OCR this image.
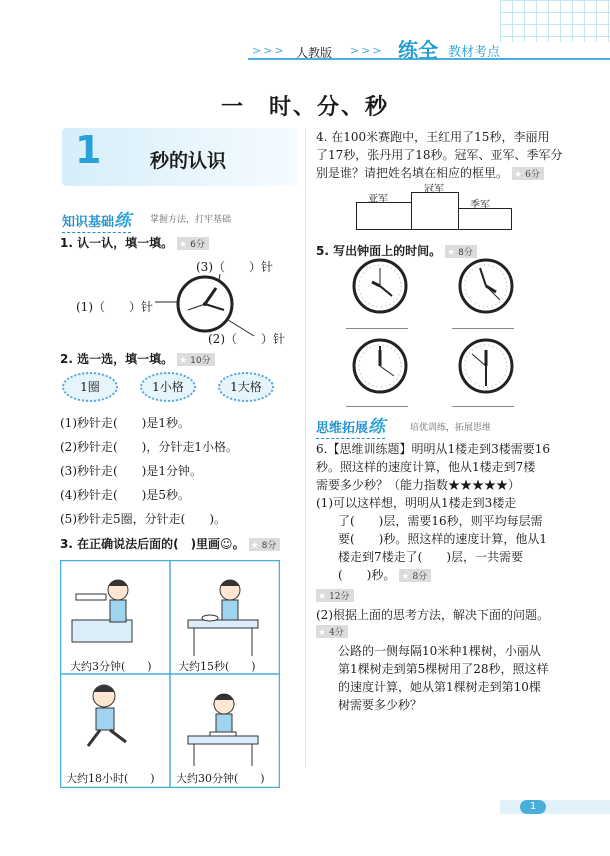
>>> 人教版 >>> 练全 教材考点
一　时、分、秒
1	秒的认识
知识基础练 掌握方法，打牢基础
1. 认一认，填一填。 ★ 6分
(3)（　　）针
(1)（　　）针
(2)（　　）针
2. 选一选，填一填。 ★ 10分
1圈	1小格	1大格
(1)秒针走(　　)是1秒。
(2)秒针走(　　)，分针走1小格。
(3)秒针走(　　)是1分钟。
(4)秒针走(　　)是5秒。
(5)秒针走5圈，分针走(　　)。
3. 在正确说法后面的(　)里画☺。 ★ 8分
大约3分钟(　　) 大约15秒(　　)
大约18小时(　　) 大约30分钟(　　)
4. 在100米赛跑中，王红用了15秒，李丽用
了17秒，张丹用了18秒。冠军、亚军、季军分
别是谁？请把姓名填在相应的框里。 ★ 6分
亚军
冠军
季军
5. 写出钟面上的时间。 ★ 8分
思维拓展练	培优训练，拓展思维
6.【思维训练题】明明从1楼走到3楼需要16
秒。照这样的速度计算，他从1楼走到7楼
需要多少秒？（能力指数★★★★★）
(1)可以这样想，明明从1楼走到3楼走
了(　　)层，需要16秒，则平均每层需
要(　　)秒。照这样的速度计算，他从1
楼走到7楼走了(　　)层，一共需要
(　　)秒。 ★ 8分
★ 12分
(2)根据上面的思考方法，解决下面的问题。
★ 4分
公路的一侧每隔10米种1棵树，小丽从
第1棵树走到第5棵树用了28秒，照这样
的速度计算，她从第1棵树走到第10棵
树需要多少秒？
1
